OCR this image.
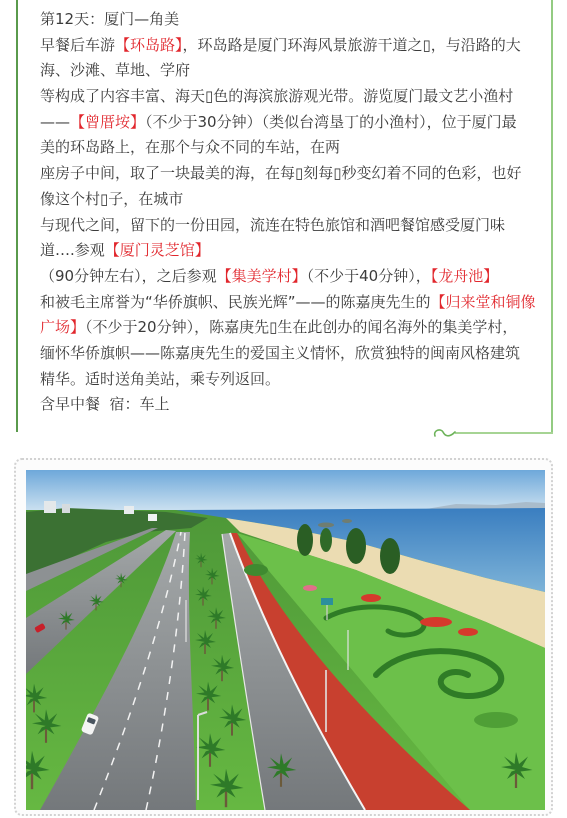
第12天：厦门—角美
早餐后车游【环岛路】，环岛路是厦门环海风景旅游干道之▯，与沿路的大
海、沙滩、草地、学府
等构成了内容丰富、海天▯色的海滨旅游观光带。游览厦门最文艺小渔村
——【曾厝垵】（不少于30分钟）（类似台湾垦丁的小渔村），位于厦门最
美的环岛路上，在那个与众不同的车站，在两
座房子中间，取了一块最美的海，在每▯刻每▯秒变幻着不同的色彩，也好
像这个村▯子，在城市
与现代之间，留下的一份田园，流连在特色旅馆和酒吧餐馆感受厦门味
道….参观【厦门灵芝馆】
（90分钟左右），之后参观【集美学村】（不少于40分钟），【龙舟池】
和被毛主席誉为“华侨旗帜、民族光辉”——的陈嘉庚先生的【归来堂和铜像
广场】（不少于20分钟），陈嘉庚先▯生在此创办的闻名海外的集美学村，
缅怀华侨旗帜——陈嘉庚先生的爱国主义情怀，欣赏独特的闽南风格建筑
精华。适时送角美站，乘专列返回。
含早中餐  宿：车上
